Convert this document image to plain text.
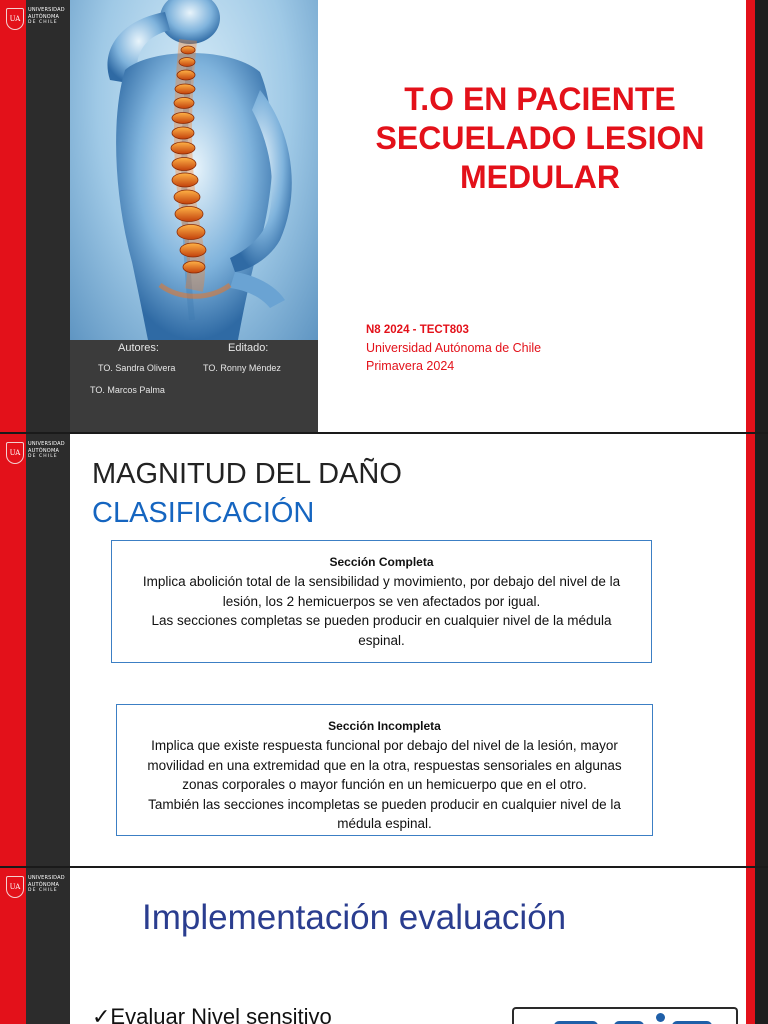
UA
UNIVERSIDAD
AUTÓNOMA
DE CHILE
Autores:	Editado:
TO. Sandra Olivera	TO. Ronny Méndez
TO. Marcos Palma
T.O EN PACIENTE
SECUELADO LESION
MEDULAR
N8 2024 - TECT803
Universidad Autónoma de Chile
Primavera 2024
UA
UNIVERSIDAD
AUTÓNOMA
DE CHILE
MAGNITUD DEL DAÑO
CLASIFICACIÓN
Sección Completa
Implica abolición total de la sensibilidad y movimiento, por debajo del nivel de la
lesión, los 2 hemicuerpos se ven afectados por igual.
Las secciones completas se pueden producir en cualquier nivel de la médula
espinal.
Sección Incompleta
Implica que existe respuesta funcional por debajo del nivel de la lesión, mayor
movilidad en una extremidad que en la otra, respuestas sensoriales en algunas
zonas corporales o mayor función en un hemicuerpo que en el otro.
También las secciones incompletas se pueden producir en cualquier nivel de la
médula espinal.
UA
UNIVERSIDAD
AUTÓNOMA
DE CHILE
Implementación evaluación
✓Evaluar Nivel sensitivo
